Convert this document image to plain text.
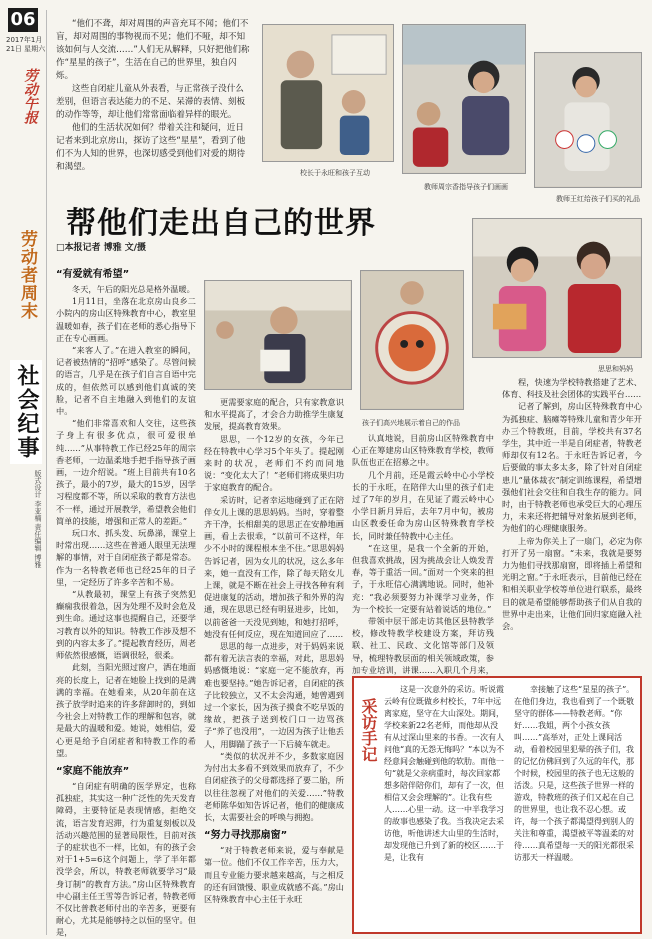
06
2017年1月21日 星期六
劳动午报
劳动者周末
社会纪事
版式设计 李亚楠 责任编辑 博雅

“他们不聋，却对周围的声音充耳不闻；他们不盲，却对周围的事物视而不见；他们不哑，却不知该如何与人交流……”人们无从解释，只好把他们称作“星星的孩子”，生活在自己的世界里，独自闪烁。

这些自闭症儿童从外表看，与正常孩子没什么差别，但语言表达能力的不足、呆滞的表情、刻板的动作等等，却让他们常常面临着异样的眼光。

他们的生活状况如何？带着关注和疑问，近日记者来到北京房山，探访了这些“星星”，看到了他们不为人知的世界，也深切感受到他们对爱的期待和渴望。

校长于永旺和孩子互动
教师周宗香指导孩子们画画
教师王红给孩子们买的礼品
帮他们走出自己的世界
□本报记者 博雅 文/摄
孩子们高兴地展示着自己的作品
思思和妈妈
“有爱就有希望”

冬天，午后的阳光总是格外温暖。

1月11日，坐落在北京房山良乡二小院内的房山区特殊教育中心，教室里温暖如春，孩子们在老师的悉心指导下正在专心画画。

“来客人了。”在进入教室的瞬间，记者被热情的“招呼”感染了。尽管问候的语言，几乎是在孩子们自言自语中完成的，但依然可以感到他们真诚的笑脸，记者不自主地融入到他们的友谊中。

“他们非常喜欢和人交往，这些孩子身上有很多优点，很可爱很单纯……”从事特教工作已经25年的周宗香老师，一边温柔地手把手指导孩子画画，一边介绍说。“班上目前共有10名孩子，最小的7岁，最大的15岁，因学习程度都不等，所以采取的教育方法也不一样，通过开展教学，希望教会他们简单的技能，增强和正常人的差距。”

玩口水、抓头发、玩鼻涕，课堂上时常出现……这些在普通人眼里无法理解的事情，对于自闭症孩子都是常态。作为一名特教老师也已经25年的日子里，一定经历了许多辛苦和不易。

“从教最初，课堂上有孩子突然犯癫痫我很着急，因为处理不及时会危及到生命。通过这事也提醒自己，还要学习教育以外的知识。特教工作涉及想不到的内容太多了。”提起教育经历，周老师依然很感慨，语调很轻，很柔。

此刻，当阳光照过窗户，洒在地面亮的长度上，记者在她脸上找到的是满满的幸福。在她看来，从20年前在这孩子放学时追来的许多辞卸时的，到如今社会上对特教工作的理解和包容，就是最大的温暖和爱。她说，她相信，爱心更是给予自闭症者和特教工作的希望。

“家庭不能放弃”

“自闭症有明确的医学界定，也称孤独症，其实这一种广泛性的先天发育障碍，主要特征是表现情感，拒绝交流，语言发育迟滞，行为重复刻板以及活动兴趣范围的显著局限性，目前对孩子的症状也不一样，比如，有的孩子会对于1+5=6这个问题上，学了半年都没学会，所以，特教老师就要学习“最身订制”的教育方法。”房山区特殊教育中心副主任王雪等告诉记者，特教老师不仅比普教老师付出的辛苦多，更要有耐心，尤其是能够持之以恒的坚守。但是，

更需要家庭的配合，只有家教意识和水平提高了，才会合力助推学生康复发展，提高教育效果。

思思，一个12岁的女孩，今年已经在特教中心学习5个年头了。提起刚来时的状况，老师们不约而同地说：“变化太大了！”老师们将成果归功于家庭教育的配合。

采访时，记者幸运地碰到了正在陪伴女儿上课的思思妈妈。当时，穿着整齐干净，长相甜美的思思正在安静地画画，看上去很乖，“以前可不这样，年少不小时的课程根本坐不住。”思思妈妈告诉记者，因为女儿的状况，这么多年来，她一直没有工作，除了每天陪女儿上课，就是不断在社会上寻找各种有利促进康复的活动，增加孩子和外界的沟通，现在思思已经有明显进步，比如，以前爸爸一天没见到她，和她打招呼，她没有任何反应，现在知道回应了……

思思的每一点进步，对于妈妈来说都有着无法言表的幸福，对此，思思妈妈感慨地说：“家庭一定不能放弃，再难也要坚持。”她告诉记者，自闭症的孩子比较独立，又不太会沟通，她曾遇到过一个家长，因为孩子摸食不吃早饭的缘故，把孩子送到校门口一边骂孩子“养了也没用”，一边因为孩子让他丢人，用脚踹了孩子一下后骑车就走。

“类似的状况并不少，多数家庭因为付出太多看不到效果而放弃了，不少自闭症孩子的父母都选择了要二胎，所以往往忽视了对他们的关爱……”特教老师陈华如知告诉记者，他们的健康成长，太需要社会的呼唤与拥抱。

“努力寻找那扇窗”

“对于特教老师来说，爱与奉献是第一位。他们不仅工作辛苦，压力大，而且专业能力要求越来越高，与之相反的还有回馈慢、职业成就感不高。”房山区特殊教育中心主任于永旺

认真地说，目前房山区特殊教育中心正在筹建房山区特殊教育学校，教师队伍也正在招募之中。

几个月前，还是霞云岭中心小学校长的于永旺，在陪伴大山里的孩子们走过了7年的岁月，在见证了霞云岭中心小学日新月异后，去年7月中旬，被房山区教委任命为房山区特殊教育学校长，同时兼任特教中心主任。

“在这里，是我一个全新的开始，但我喜欢挑战，因为挑战会让人焕发青春，等于重活一回。”面对一个突来的担子，于永旺信心满满地说。同时，他补充：“我必须要努力补课学习业务，作为一个校长一定要有站着说话的地位。”

带领中层干部走访其他区县特教学校，修改特教学校建设方案，拜访残联、社工、民政、文化馆等部门及领导，梳理特教层面的相关领域政策，参加专业培训，讲课……入职几个月来，

程，快速为学校特教搭建了艺术、体育、科技及社会团体的实践平台……

记者了解到，房山区特殊教育中心为孤独症、脑瘫等特殊儿童和青少年开办三个特教班，目前，学校共有37名学生，其中近一半是自闭症者，特教老师却仅有12名。于永旺告诉记者，今后要做的事太多太多，除了针对自闭症患儿“量体裁衣”制定训练课程，希望增强他们社会交往和自我生存的能力。同时，由于特教老师也承受巨大的心理压力，未来还将把辅导对象拓展到老师，为他们的心理健康服务。

上帝为你关上了一扇门，必定为你打开了另一扇窗。“未来，我就是要努力为他们寻找那扇窗，即将插上希望和光明之窗。”于永旺表示，目前他已经在和相关职业学校等单位进行联系，最终目的就是希望能够帮助孩子们从自我的世界中走出来，让他们回归家庭融入社会。

采访手记
这是一次意外的采访。听说霞云岭有位既做乡村校长，7年中远离家庭，坚守在大山深处。期间，学校来新22名老师，而他却从没有从过深山里来的书香。一次有人问他“真的无怨无悔吗？”本以为不经意间会触碰到他的软肋。而他一句“就是父亲病重时，每次回家都想多陪伴陪你们，却有了一次，但相信又会会理解的”。让我有些人……心里一动。这一中半我学习的故事也感染了我。当我决定去采访他，听他讲述大山里的生活时，却发现他已升到了新的校区……于是，让我有
幸接触了这些“星星的孩子”。在他们身边，我也看到了一个既敬坚守的群体——特教老师。“你好……我姐，两个小孩女孩叫……”高举对，正处上课间活动，看着校园里犯晕的孩子们，我的记忆仿佛回到了久远的年代，那个时候，校园里的孩子也无这般的活泼。只是，这些孩子世界一样的游戏，特教班的孩子们又起在自己的世界里，也让我不忍心想。或许，每一个孩子都渴望得到别人的关注和尊重，渴望被平等温柔的对待……真希望每一天的阳光都很采访那天一样温暖。
